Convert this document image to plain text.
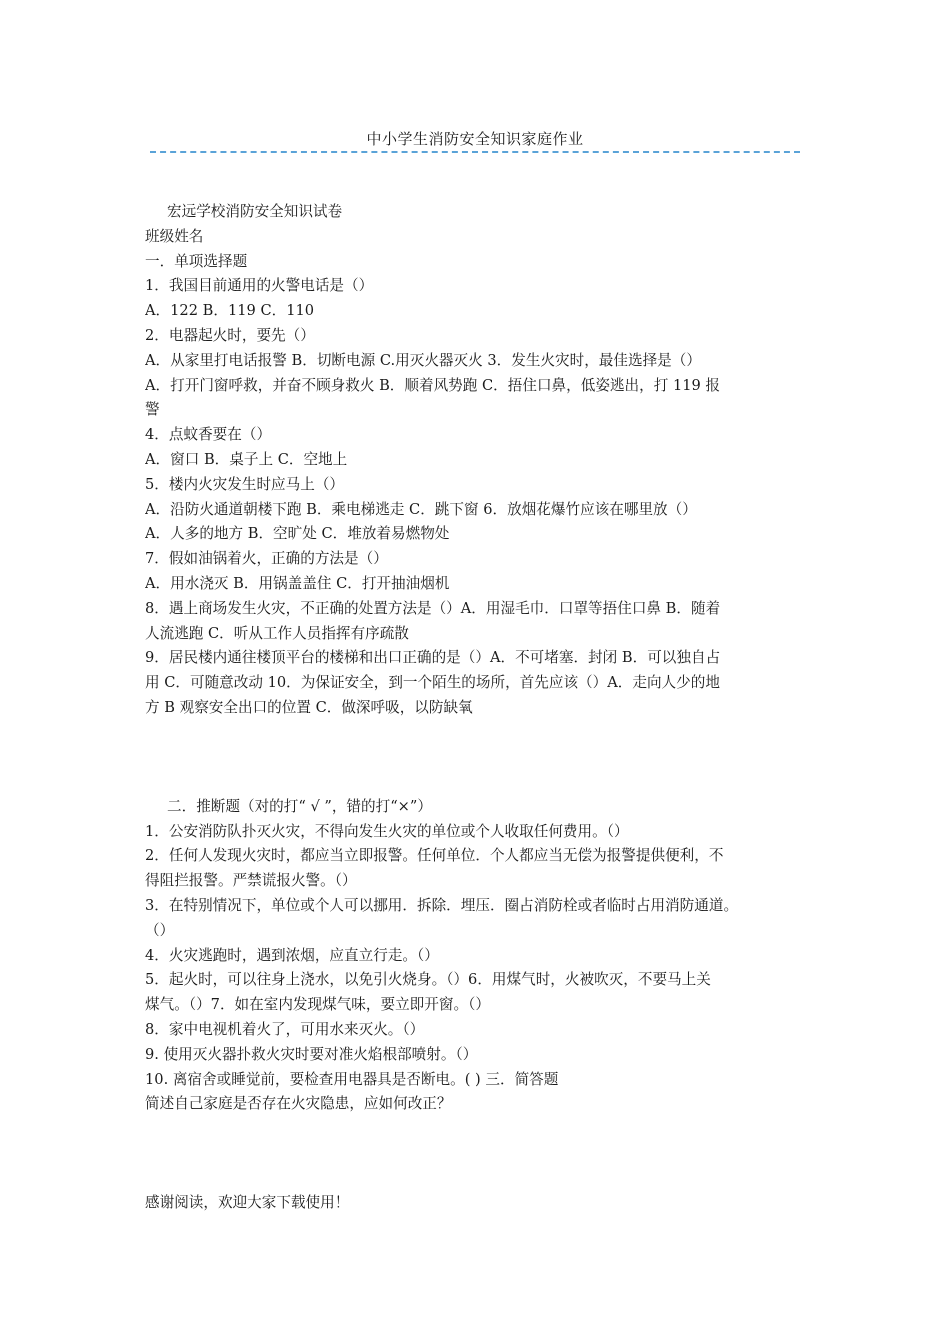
中小学生消防安全知识家庭作业
宏远学校消防安全知识试卷
班级姓名
一．单项选择题
1．我国目前通用的火警电话是（）
A．122 B．119 C．110
2．电器起火时，要先（）
A．从家里打电话报警 B．切断电源 C.用灭火器灭火 3．发生火灾时，最佳选择是（）
A．打开门窗呼救，并奋不顾身救火 B．顺着风势跑 C．捂住口鼻，低姿逃出，打 119 报
警
4．点蚊香要在（）
A．窗口 B．桌子上 C．空地上
5．楼内火灾发生时应马上（）
A．沿防火通道朝楼下跑 B．乘电梯逃走 C．跳下窗 6．放烟花爆竹应该在哪里放（）
A．人多的地方 B．空旷处 C．堆放着易燃物处
7．假如油锅着火，正确的方法是（）
A．用水浇灭 B．用锅盖盖住 C．打开抽油烟机
8．遇上商场发生火灾，不正确的处置方法是（）A．用湿毛巾．口罩等捂住口鼻 B．随着
人流逃跑 C．听从工作人员指挥有序疏散
9．居民楼内通往楼顶平台的楼梯和出口正确的是（）A．不可堵塞．封闭 B．可以独自占
用 C．可随意改动 10．为保证安全，到一个陌生的场所，首先应该（）A．走向人少的地
方 B 观察安全出口的位置 C．做深呼吸，以防缺氧
二．推断题（对的打“ √ ”，错的打“×”）
1．公安消防队扑灭火灾，不得向发生火灾的单位或个人收取任何费用。（）
2．任何人发现火灾时，都应当立即报警。任何单位．个人都应当无偿为报警提供便利，不
得阻拦报警。严禁谎报火警。（）
3．在特别情况下，单位或个人可以挪用．拆除．埋压．圈占消防栓或者临时占用消防通道。
（）
4．火灾逃跑时，遇到浓烟，应直立行走。（）
5．起火时，可以往身上浇水，以免引火烧身。（）6．用煤气时，火被吹灭，不要马上关
煤气。（）7．如在室内发现煤气味，要立即开窗。（）
8．家中电视机着火了，可用水来灭火。（）
9. 使用灭火器扑救火灾时要对准火焰根部喷射。（）
10. 离宿舍或睡觉前，要检查用电器具是否断电。( ) 三．简答题
简述自己家庭是否存在火灾隐患，应如何改正？
感谢阅读，欢迎大家下载使用！
